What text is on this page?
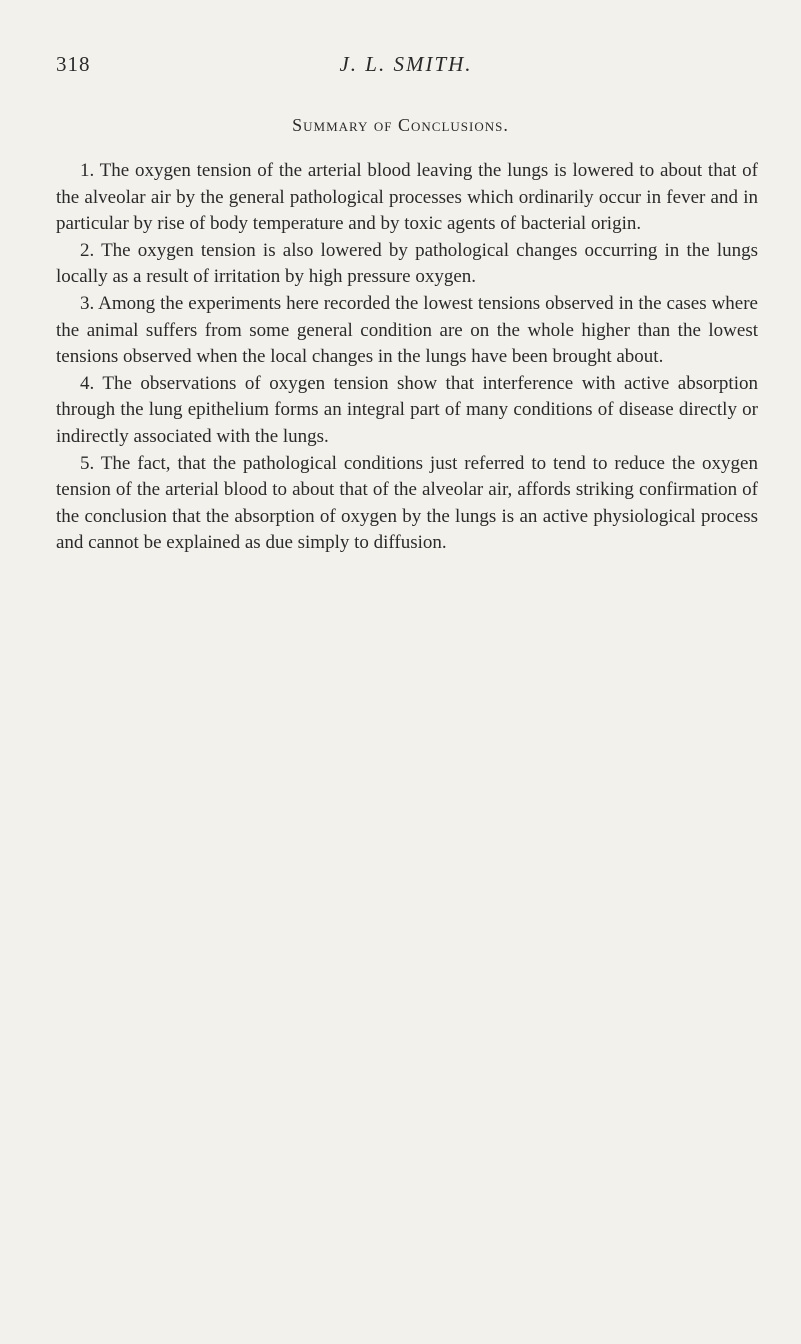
318	J. L. SMITH.
Summary of Conclusions.

1. The oxygen tension of the arterial blood leaving the lungs is lowered to about that of the alveolar air by the general pathological processes which ordinarily occur in fever and in particular by rise of body temperature and by toxic agents of bacterial origin.

2. The oxygen tension is also lowered by pathological changes occurring in the lungs locally as a result of irritation by high pressure oxygen.

3. Among the experiments here recorded the lowest tensions observed in the cases where the animal suffers from some general condition are on the whole higher than the lowest tensions observed when the local changes in the lungs have been brought about.

4. The observations of oxygen tension show that interference with active absorption through the lung epithelium forms an integral part of many conditions of disease directly or indirectly associated with the lungs.

5. The fact, that the pathological conditions just referred to tend to reduce the oxygen tension of the arterial blood to about that of the alveolar air, affords striking confirmation of the conclusion that the absorption of oxygen by the lungs is an active physiological process and cannot be explained as due simply to diffusion.
